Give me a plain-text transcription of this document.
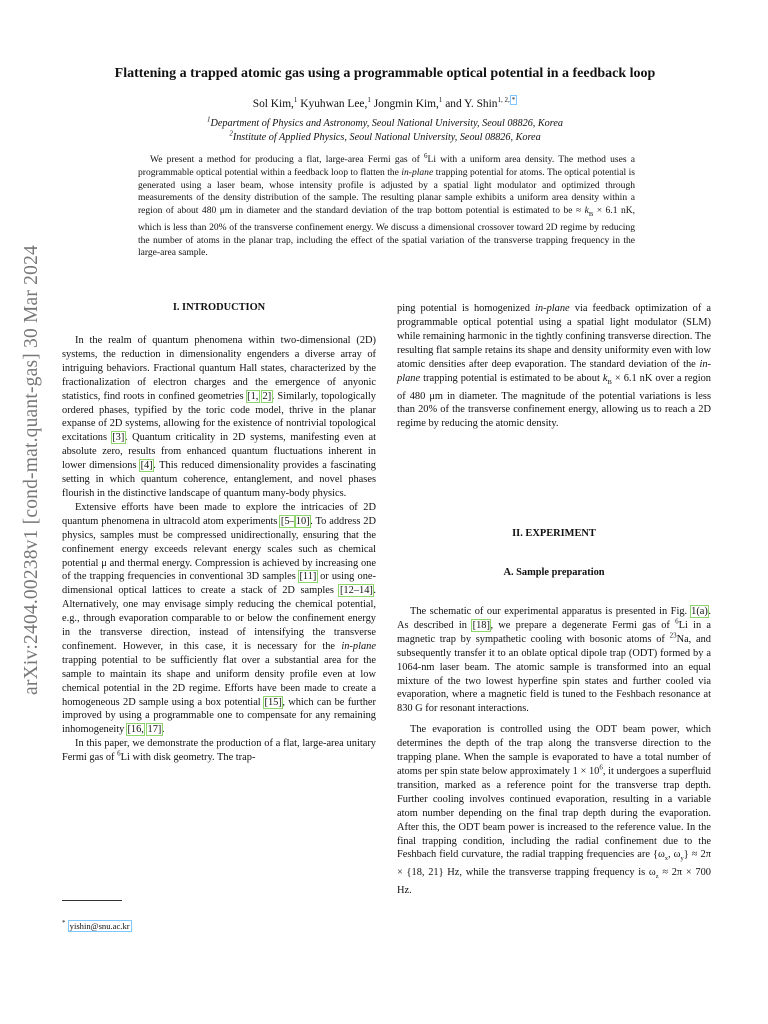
arXiv:2404.00238v1 [cond-mat.quant-gas] 30 Mar 2024
Flattening a trapped atomic gas using a programmable optical potential in a feedback loop
Sol Kim,$^1$ Kyuhwan Lee,$^1$ Jongmin Kim,$^1$ and Y. Shin$^{1, 2, *}$
$^1$Department of Physics and Astronomy, Seoul National University, Seoul 08826, Korea
$^2$Institute of Applied Physics, Seoul National University, Seoul 08826, Korea

We present a method for producing a flat, large-area Fermi gas of $^6$Li with a uniform area density. The method uses a programmable optical potential within a feedback loop to flatten the in-plane trapping potential for atoms. The optical potential is generated using a laser beam, whose intensity profile is adjusted by a spatial light modulator and optimized through measurements of the density distribution of the sample. The resulting planar sample exhibits a uniform area density within a region of about 480 μm in diameter and the standard deviation of the trap bottom potential is estimated to be ≈ $k_B \times 6.1$ nK, which is less than 20% of the transverse confinement energy. We discuss a dimensional crossover toward 2D regime by reducing the number of atoms in the planar trap, including the effect of the spatial variation of the transverse trapping frequency in the large-area sample.

I. INTRODUCTION

In the realm of quantum phenomena within two-dimensional (2D) systems, the reduction in dimensionality engenders a diverse array of intriguing behaviors. Fractional quantum Hall states, characterized by the fractionalization of electron charges and the emergence of anyonic statistics, find roots in confined geometries [1, 2]. Similarly, topologically ordered phases, typified by the toric code model, thrive in the planar expanse of 2D systems, allowing for the existence of nontrivial topological excitations [3]. Quantum criticality in 2D systems, manifesting even at absolute zero, results from enhanced quantum fluctuations inherent in lower dimensions [4]. This reduced dimensionality provides a fascinating setting in which quantum coherence, entanglement, and novel phases flourish in the distinctive landscape of quantum many-body physics.

Extensive efforts have been made to explore the intricacies of 2D quantum phenomena in ultracold atom experiments [5–10]. To address 2D physics, samples must be compressed unidirectionally, ensuring that the confinement energy exceeds relevant energy scales such as chemical potential μ and thermal energy. Compression is achieved by increasing one of the trapping frequencies in conventional 3D samples [11] or using one-dimensional optical lattices to create a stack of 2D samples [12–14]. Alternatively, one may envisage simply reducing the chemical potential, e.g., through evaporation comparable to or below the confinement energy in the transverse direction, instead of intensifying the transverse confinement. However, in this case, it is necessary for the in-plane trapping potential to be sufficiently flat over a substantial area for the sample to maintain its shape and uniform density profile even at low chemical potential in the 2D regime. Efforts have been made to create a homogeneous 2D sample using a box potential [15], which can be further improved by using a programmable one to compensate for any remaining inhomogeneity [16, 17].

In this paper, we demonstrate the production of a flat, large-area unitary Fermi gas of $^6$Li with disk geometry. The trap-

* yishin@snu.ac.kr

ping potential is homogenized in-plane via feedback optimization of a programmable optical potential using a spatial light modulator (SLM) while remaining harmonic in the tightly confining transverse direction. The resulting flat sample retains its shape and density uniformity even with low atomic densities after deep evaporation. The standard deviation of the in-plane trapping potential is estimated to be about $k_B \times 6.1$ nK over a region of 480 μm in diameter. The magnitude of the potential variations is less than 20% of the transverse confinement energy, allowing us to reach a 2D regime by reducing the atomic density.

II. EXPERIMENT
A. Sample preparation

The schematic of our experimental apparatus is presented in Fig. 1(a). As described in [18], we prepare a degenerate Fermi gas of $^6$Li in a magnetic trap by sympathetic cooling with bosonic atoms of $^{23}$Na, and subsequently transfer it to an oblate optical dipole trap (ODT) formed by a 1064-nm laser beam. The atomic sample is transformed into an equal mixture of the two lowest hyperfine spin states and further cooled via evaporation, where a magnetic field is tuned to the Feshbach resonance at 830 G for resonant interactions.

The evaporation is controlled using the ODT beam power, which determines the depth of the trap along the transverse direction to the trapping plane. When the sample is evaporated to have a total number of atoms per spin state below approximately $1 \times 10^6$, it undergoes a superfluid transition, marked as a reference point for the transverse trap depth. Further cooling involves continued evaporation, resulting in a variable atom number depending on the final trap depth during the evaporation. After this, the ODT beam power is increased to the reference value. In the final trapping condition, including the radial confinement due to the Feshbach field curvature, the radial trapping frequencies are {$\omega_x$, $\omega_y\} \approx 2\pi \times \{18$, 21} Hz, while the transverse trapping frequency is $\omega_z \approx 2\pi \times 700$ Hz.
